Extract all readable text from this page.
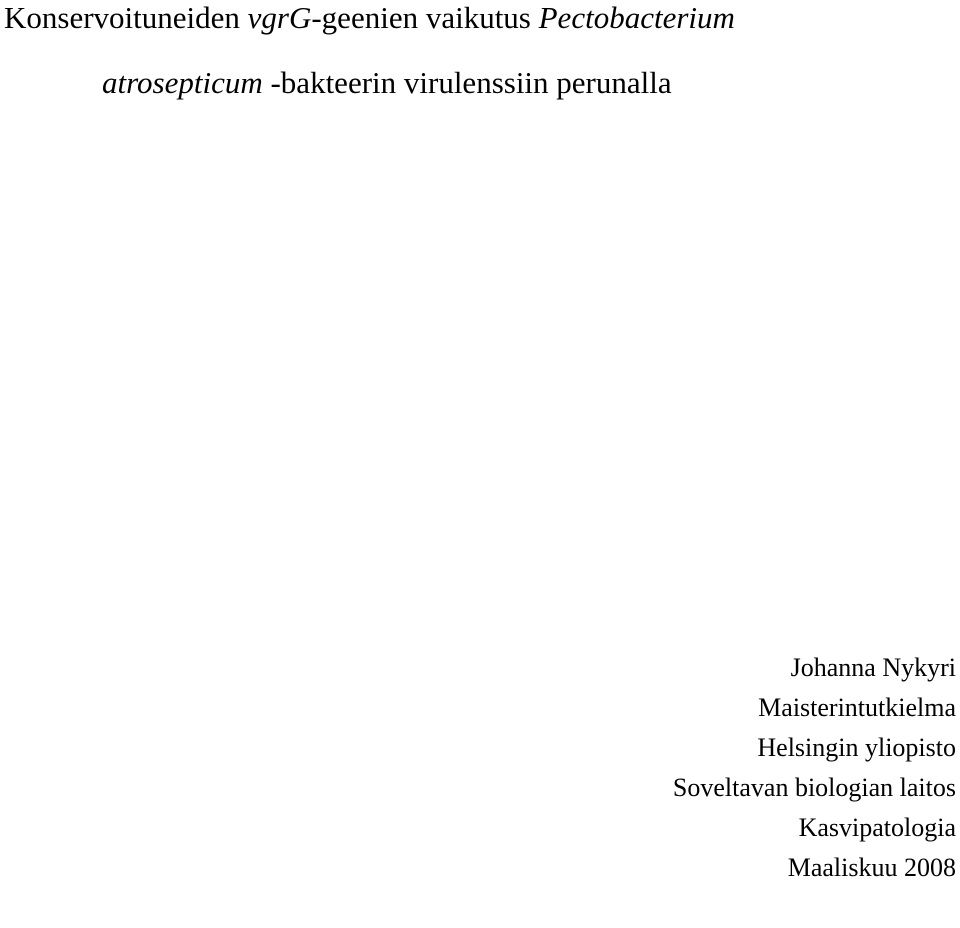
Konservoituneiden vgrG-geenien vaikutus Pectobacterium
atrosepticum -bakteerin virulenssiin perunalla
Johanna Nykyri
Maisterintutkielma
Helsingin yliopisto
Soveltavan biologian laitos
Kasvipatologia
Maaliskuu 2008
